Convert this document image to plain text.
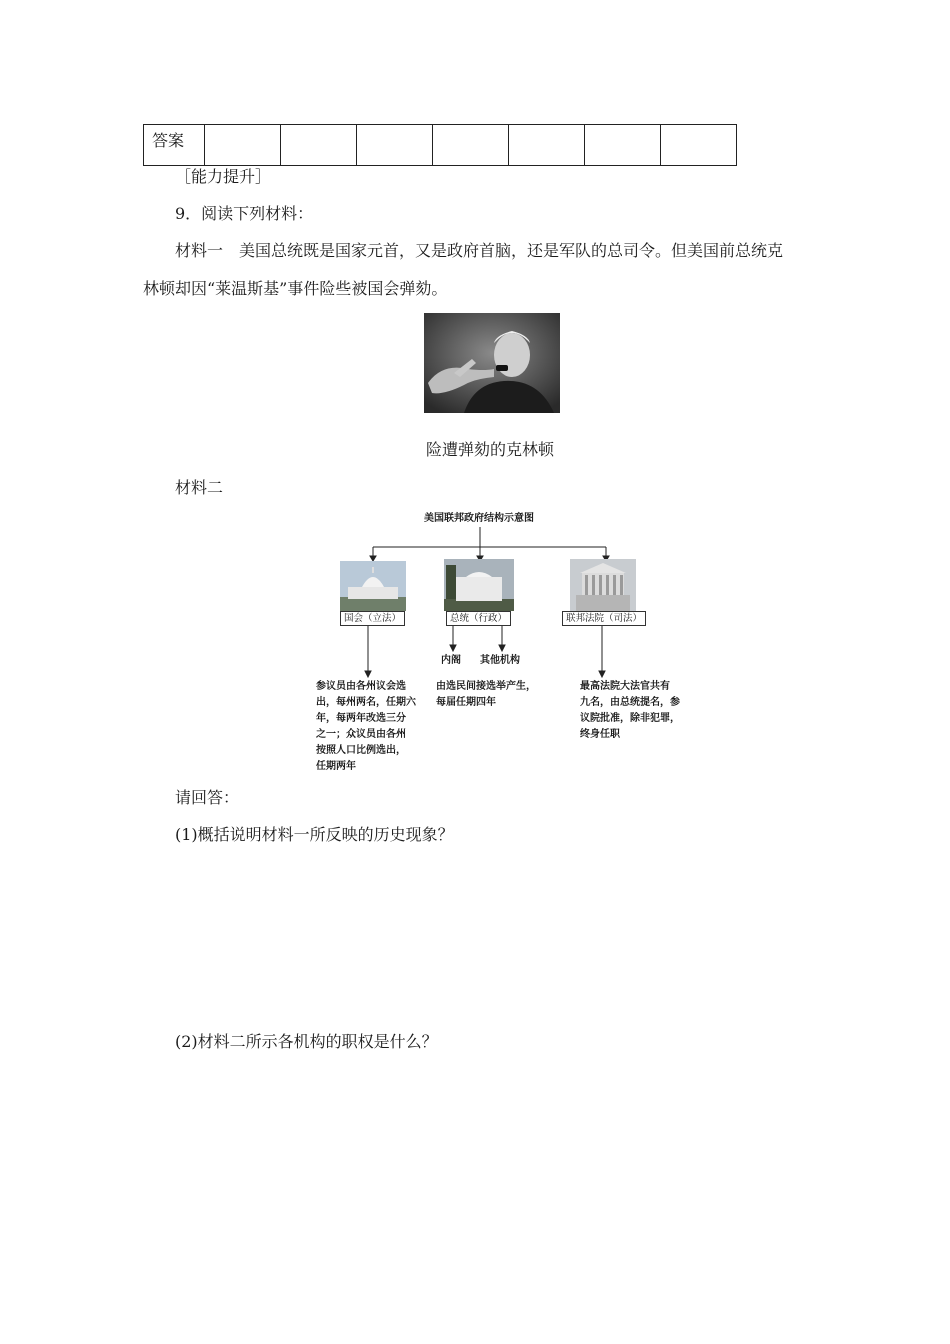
答案							
［能力提升］
9．阅读下列材料：
材料一　美国总统既是国家元首，又是政府首脑，还是军队的总司令。但美国前总统克
林顿却因“莱温斯基”事件险些被国会弹劾。
险遭弹劾的克林顿
材料二
美国联邦政府结构示意图
国会（立法）	总统（行政）	联邦法院（司法）
内阁 其他机构
参议员由各州议会选
出，每州两名，任期六
年，每两年改选三分
之一；众议员由各州
按照人口比例选出，
任期两年
由选民间接选举产生，
每届任期四年
最高法院大法官共有
九名，由总统提名，参
议院批准，除非犯罪，
终身任职
请回答：
(1)概括说明材料一所反映的历史现象？
(2)材料二所示各机构的职权是什么？
